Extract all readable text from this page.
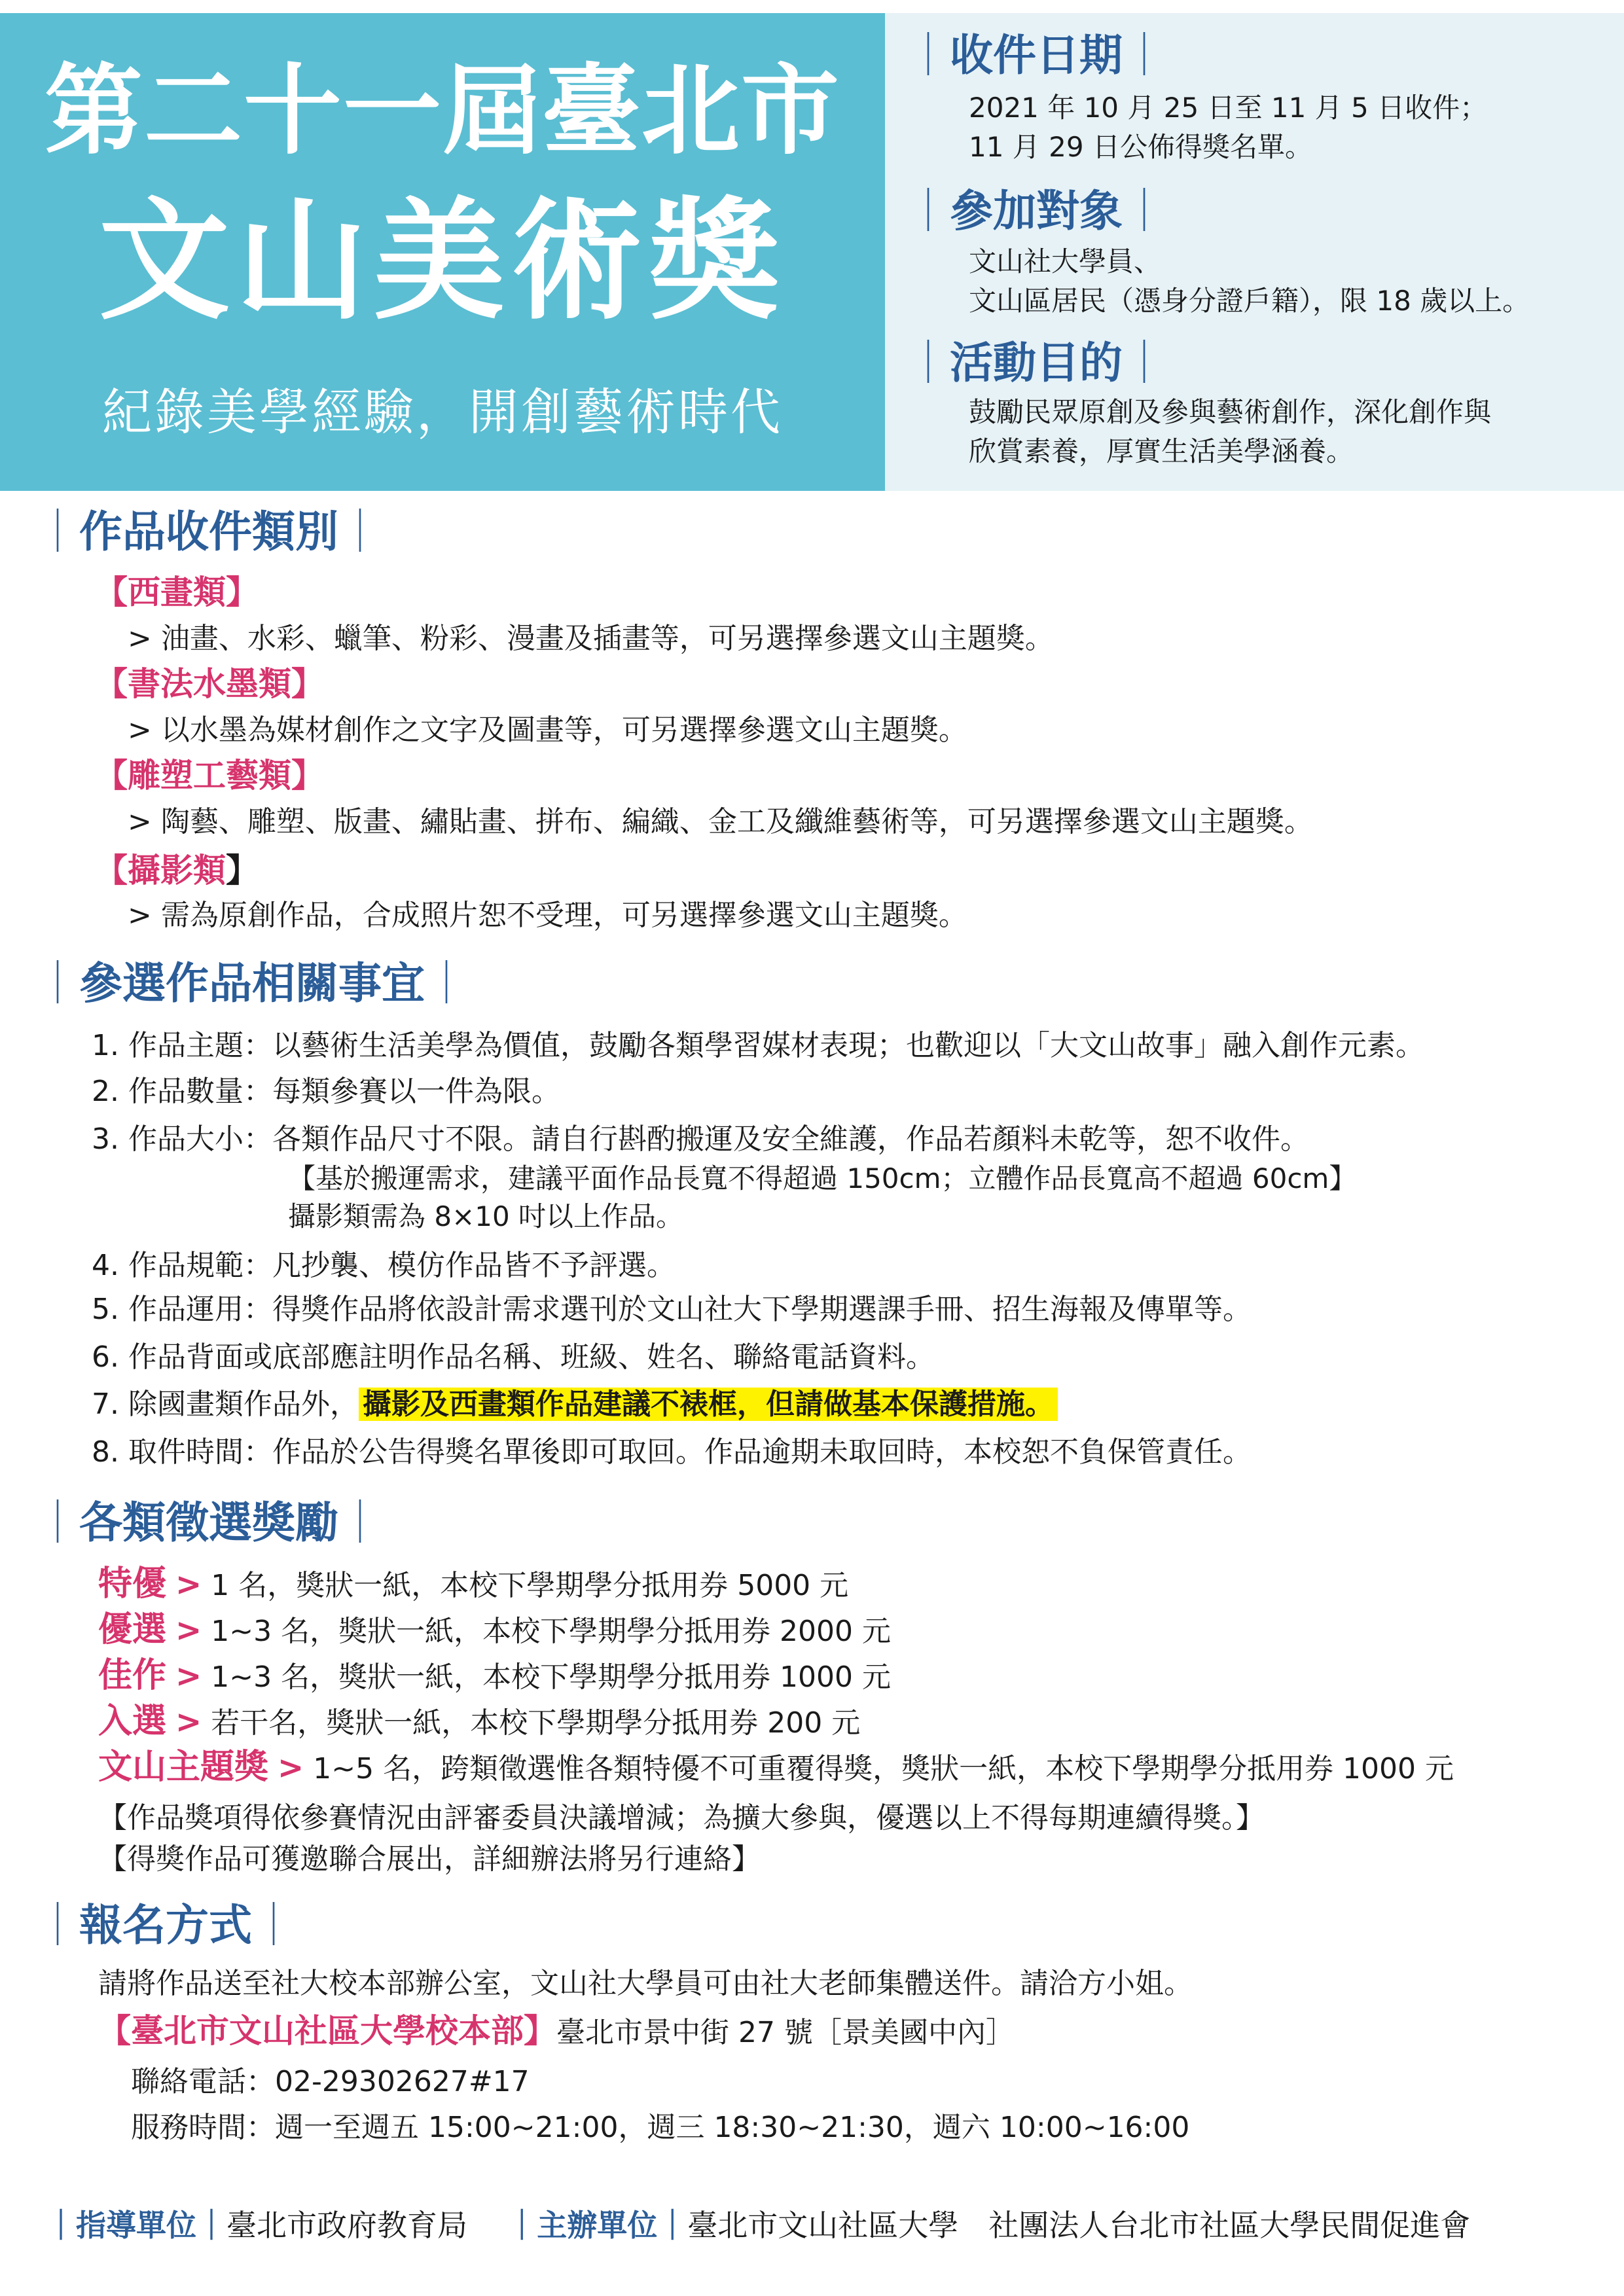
第二十一屆臺北市
文山美術獎
紀錄美學經驗，開創藝術時代
｜收件日期｜
2021 年 10 月 25 日至 11 月 5 日收件；
11 月 29 日公佈得獎名單。
｜參加對象｜
文山社大學員、
文山區居民（憑身分證戶籍），限 18 歲以上。
｜活動目的｜
鼓勵民眾原創及參與藝術創作，深化創作與
欣賞素養，厚實生活美學涵養。
｜作品收件類別｜
【西畫類】
> 油畫、水彩、蠟筆、粉彩、漫畫及插畫等，可另選擇參選文山主題獎。
【書法水墨類】
> 以水墨為媒材創作之文字及圖畫等，可另選擇參選文山主題獎。
【雕塑工藝類】
> 陶藝、雕塑、版畫、繡貼畫、拼布、編織、金工及纖維藝術等，可另選擇參選文山主題獎。
【攝影類】
> 需為原創作品，合成照片恕不受理，可另選擇參選文山主題獎。
｜參選作品相關事宜｜
1. 作品主題：以藝術生活美學為價值，鼓勵各類學習媒材表現；也歡迎以「大文山故事」融入創作元素。
2. 作品數量：每類參賽以一件為限。
3. 作品大小：各類作品尺寸不限。請自行斟酌搬運及安全維護，作品若顏料未乾等，恕不收件。
【基於搬運需求，建議平面作品長寬不得超過 150cm；立體作品長寬高不超過 60cm】
攝影類需為 8×10 吋以上作品。
4. 作品規範：凡抄襲、模仿作品皆不予評選。
5. 作品運用：得獎作品將依設計需求選刊於文山社大下學期選課手冊、招生海報及傳單等。
6. 作品背面或底部應註明作品名稱、班級、姓名、聯絡電話資料。
7. 除國畫類作品外， 攝影及西畫類作品建議不裱框，但請做基本保護措施。
8. 取件時間：作品於公告得獎名單後即可取回。作品逾期未取回時，本校恕不負保管責任。
｜各類徵選獎勵｜
特優 > 1 名，獎狀一紙，本校下學期學分抵用券 5000 元
優選 > 1~3 名，獎狀一紙，本校下學期學分抵用券 2000 元
佳作 > 1~3 名，獎狀一紙，本校下學期學分抵用券 1000 元
入選 > 若干名，獎狀一紙，本校下學期學分抵用券 200 元
文山主題獎 > 1~5 名，跨類徵選惟各類特優不可重覆得獎，獎狀一紙，本校下學期學分抵用券 1000 元
【作品獎項得依參賽情況由評審委員決議增減；為擴大參與，優選以上不得每期連續得獎。】
【得獎作品可獲邀聯合展出，詳細辦法將另行連絡】
｜報名方式｜
請將作品送至社大校本部辦公室，文山社大學員可由社大老師集體送件。請洽方小姐。
【臺北市文山社區大學校本部】臺北市景中街 27 號［景美國中內］
聯絡電話：02-29302627#17
服務時間：週一至週五 15:00~21:00，週三 18:30~21:30，週六 10:00~16:00
｜指導單位｜臺北市政府教育局 ｜主辦單位｜臺北市文山社區大學　社團法人台北市社區大學民間促進會
